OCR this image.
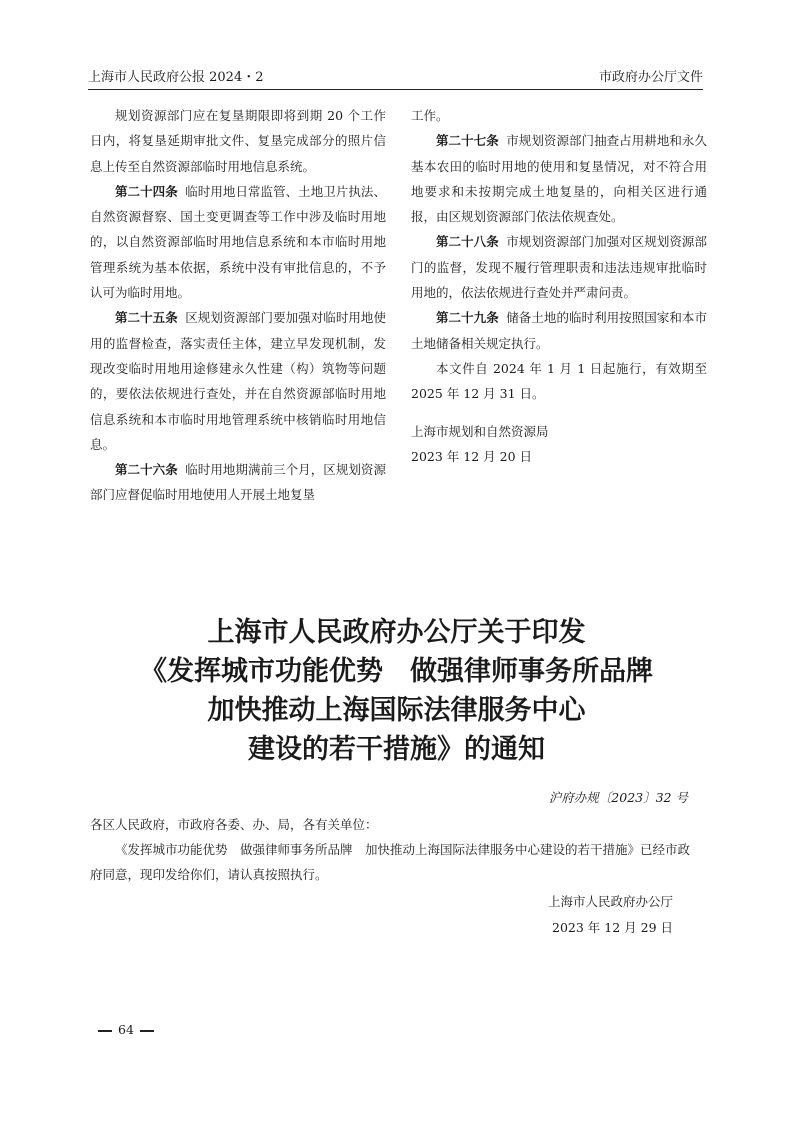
上海市人民政府公报 2024・2	市政府办公厅文件

规划资源部门应在复垦期限即将到期 20 个工作日内，将复垦延期审批文件、复垦完成部分的照片信息上传至自然资源部临时用地信息系统。

第二十四条 临时用地日常监管、土地卫片执法、自然资源督察、国土变更调查等工作中涉及临时用地的，以自然资源部临时用地信息系统和本市临时用地管理系统为基本依据，系统中没有审批信息的，不予认可为临时用地。

第二十五条 区规划资源部门要加强对临时用地使用的监督检查，落实责任主体，建立早发现机制，发现改变临时用地用途修建永久性建（构）筑物等问题的，要依法依规进行查处，并在自然资源部临时用地信息系统和本市临时用地管理系统中核销临时用地信息。

第二十六条 临时用地期满前三个月，区规划资源部门应督促临时用地使用人开展土地复垦

工作。

第二十七条 市规划资源部门抽查占用耕地和永久基本农田的临时用地的使用和复垦情况，对不符合用地要求和未按期完成土地复垦的，向相关区进行通报，由区规划资源部门依法依规查处。

第二十八条 市规划资源部门加强对区规划资源部门的监督，发现不履行管理职责和违法违规审批临时用地的，依法依规进行查处并严肃问责。

第二十九条 储备土地的临时利用按照国家和本市土地储备相关规定执行。

本文件自 2024 年 1 月 1 日起施行，有效期至 2025 年 12 月 31 日。

上海市规划和自然资源局

2023 年 12 月 20 日

上海市人民政府办公厅关于印发
《发挥城市功能优势　做强律师事务所品牌
加快推动上海国际法律服务中心
建设的若干措施》的通知
沪府办规〔2023〕32 号
各区人民政府，市政府各委、办、局，各有关单位：

《发挥城市功能优势　做强律师事务所品牌　加快推动上海国际法律服务中心建设的若干措施》已经市政府同意，现印发给你们，请认真按照执行。

上海市人民政府办公厅
2023 年 12 月 29 日
64
